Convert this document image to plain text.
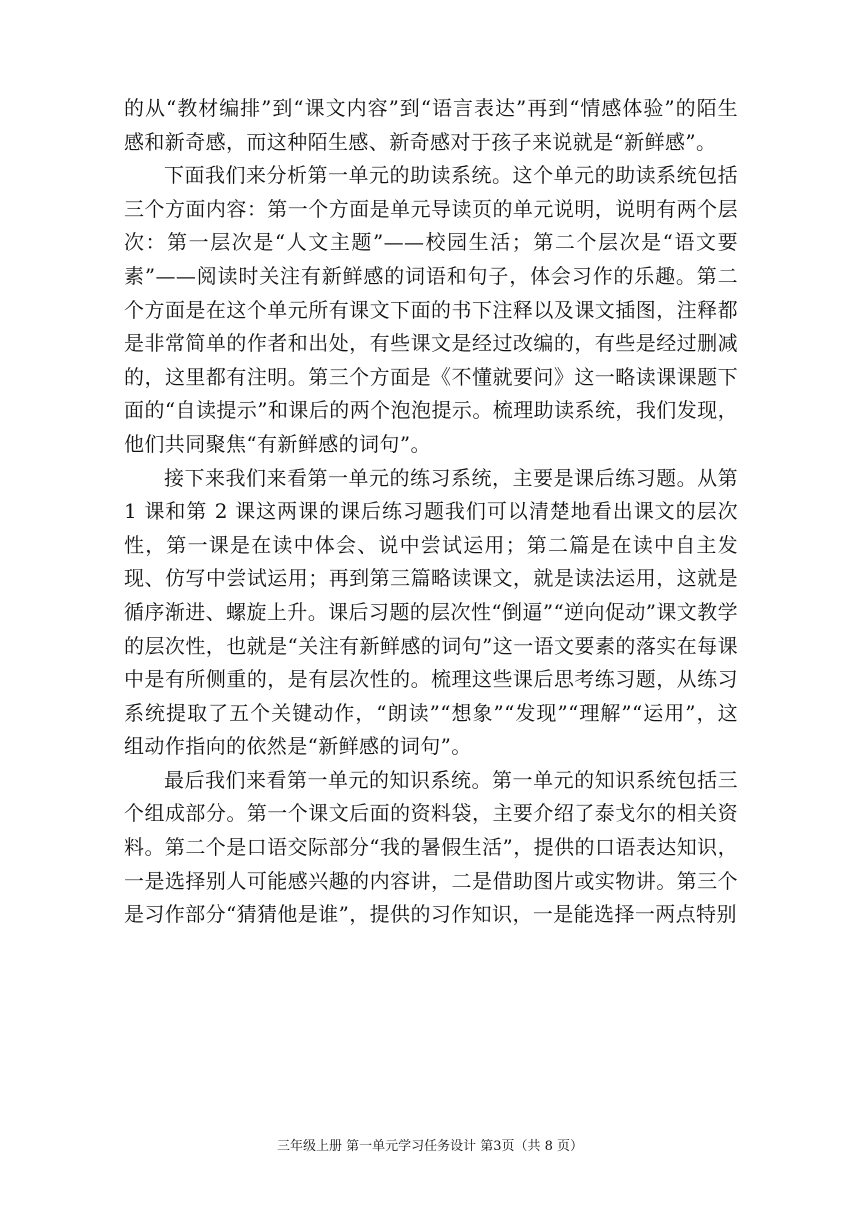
的从“教材编排”到“课文内容”到“语言表达”再到“情感体验”的陌生感和新奇感，而这种陌生感、新奇感对于孩子来说就是“新鲜感”。

下面我们来分析第一单元的助读系统。这个单元的助读系统包括三个方面内容：第一个方面是单元导读页的单元说明，说明有两个层次：第一层次是“人文主题”——校园生活；第二个层次是“语文要素”——阅读时关注有新鲜感的词语和句子，体会习作的乐趣。第二个方面是在这个单元所有课文下面的书下注释以及课文插图，注释都是非常简单的作者和出处，有些课文是经过改编的，有些是经过删减的，这里都有注明。第三个方面是《不懂就要问》这一略读课课题下面的“自读提示”和课后的两个泡泡提示。梳理助读系统，我们发现，他们共同聚焦“有新鲜感的词句”。

接下来我们来看第一单元的练习系统，主要是课后练习题。从第 1 课和第 2 课这两课的课后练习题我们可以清楚地看出课文的层次性，第一课是在读中体会、说中尝试运用；第二篇是在读中自主发现、仿写中尝试运用；再到第三篇略读课文，就是读法运用，这就是循序渐进、螺旋上升。课后习题的层次性“倒逼”“逆向促动”课文教学的层次性，也就是“关注有新鲜感的词句”这一语文要素的落实在每课中是有所侧重的，是有层次性的。梳理这些课后思考练习题，从练习系统提取了五个关键动作，“朗读”“想象”“发现”“理解”“运用”，这组动作指向的依然是“新鲜感的词句”。

最后我们来看第一单元的知识系统。第一单元的知识系统包括三个组成部分。第一个课文后面的资料袋，主要介绍了泰戈尔的相关资料。第二个是口语交际部分“我的暑假生活”，提供的口语表达知识，一是选择别人可能感兴趣的内容讲，二是借助图片或实物讲。第三个是习作部分“猜猜他是谁”，提供的习作知识，一是能选择一两点特别

三年级上册 第一单元学习任务设计 第3页（共 8 页）
